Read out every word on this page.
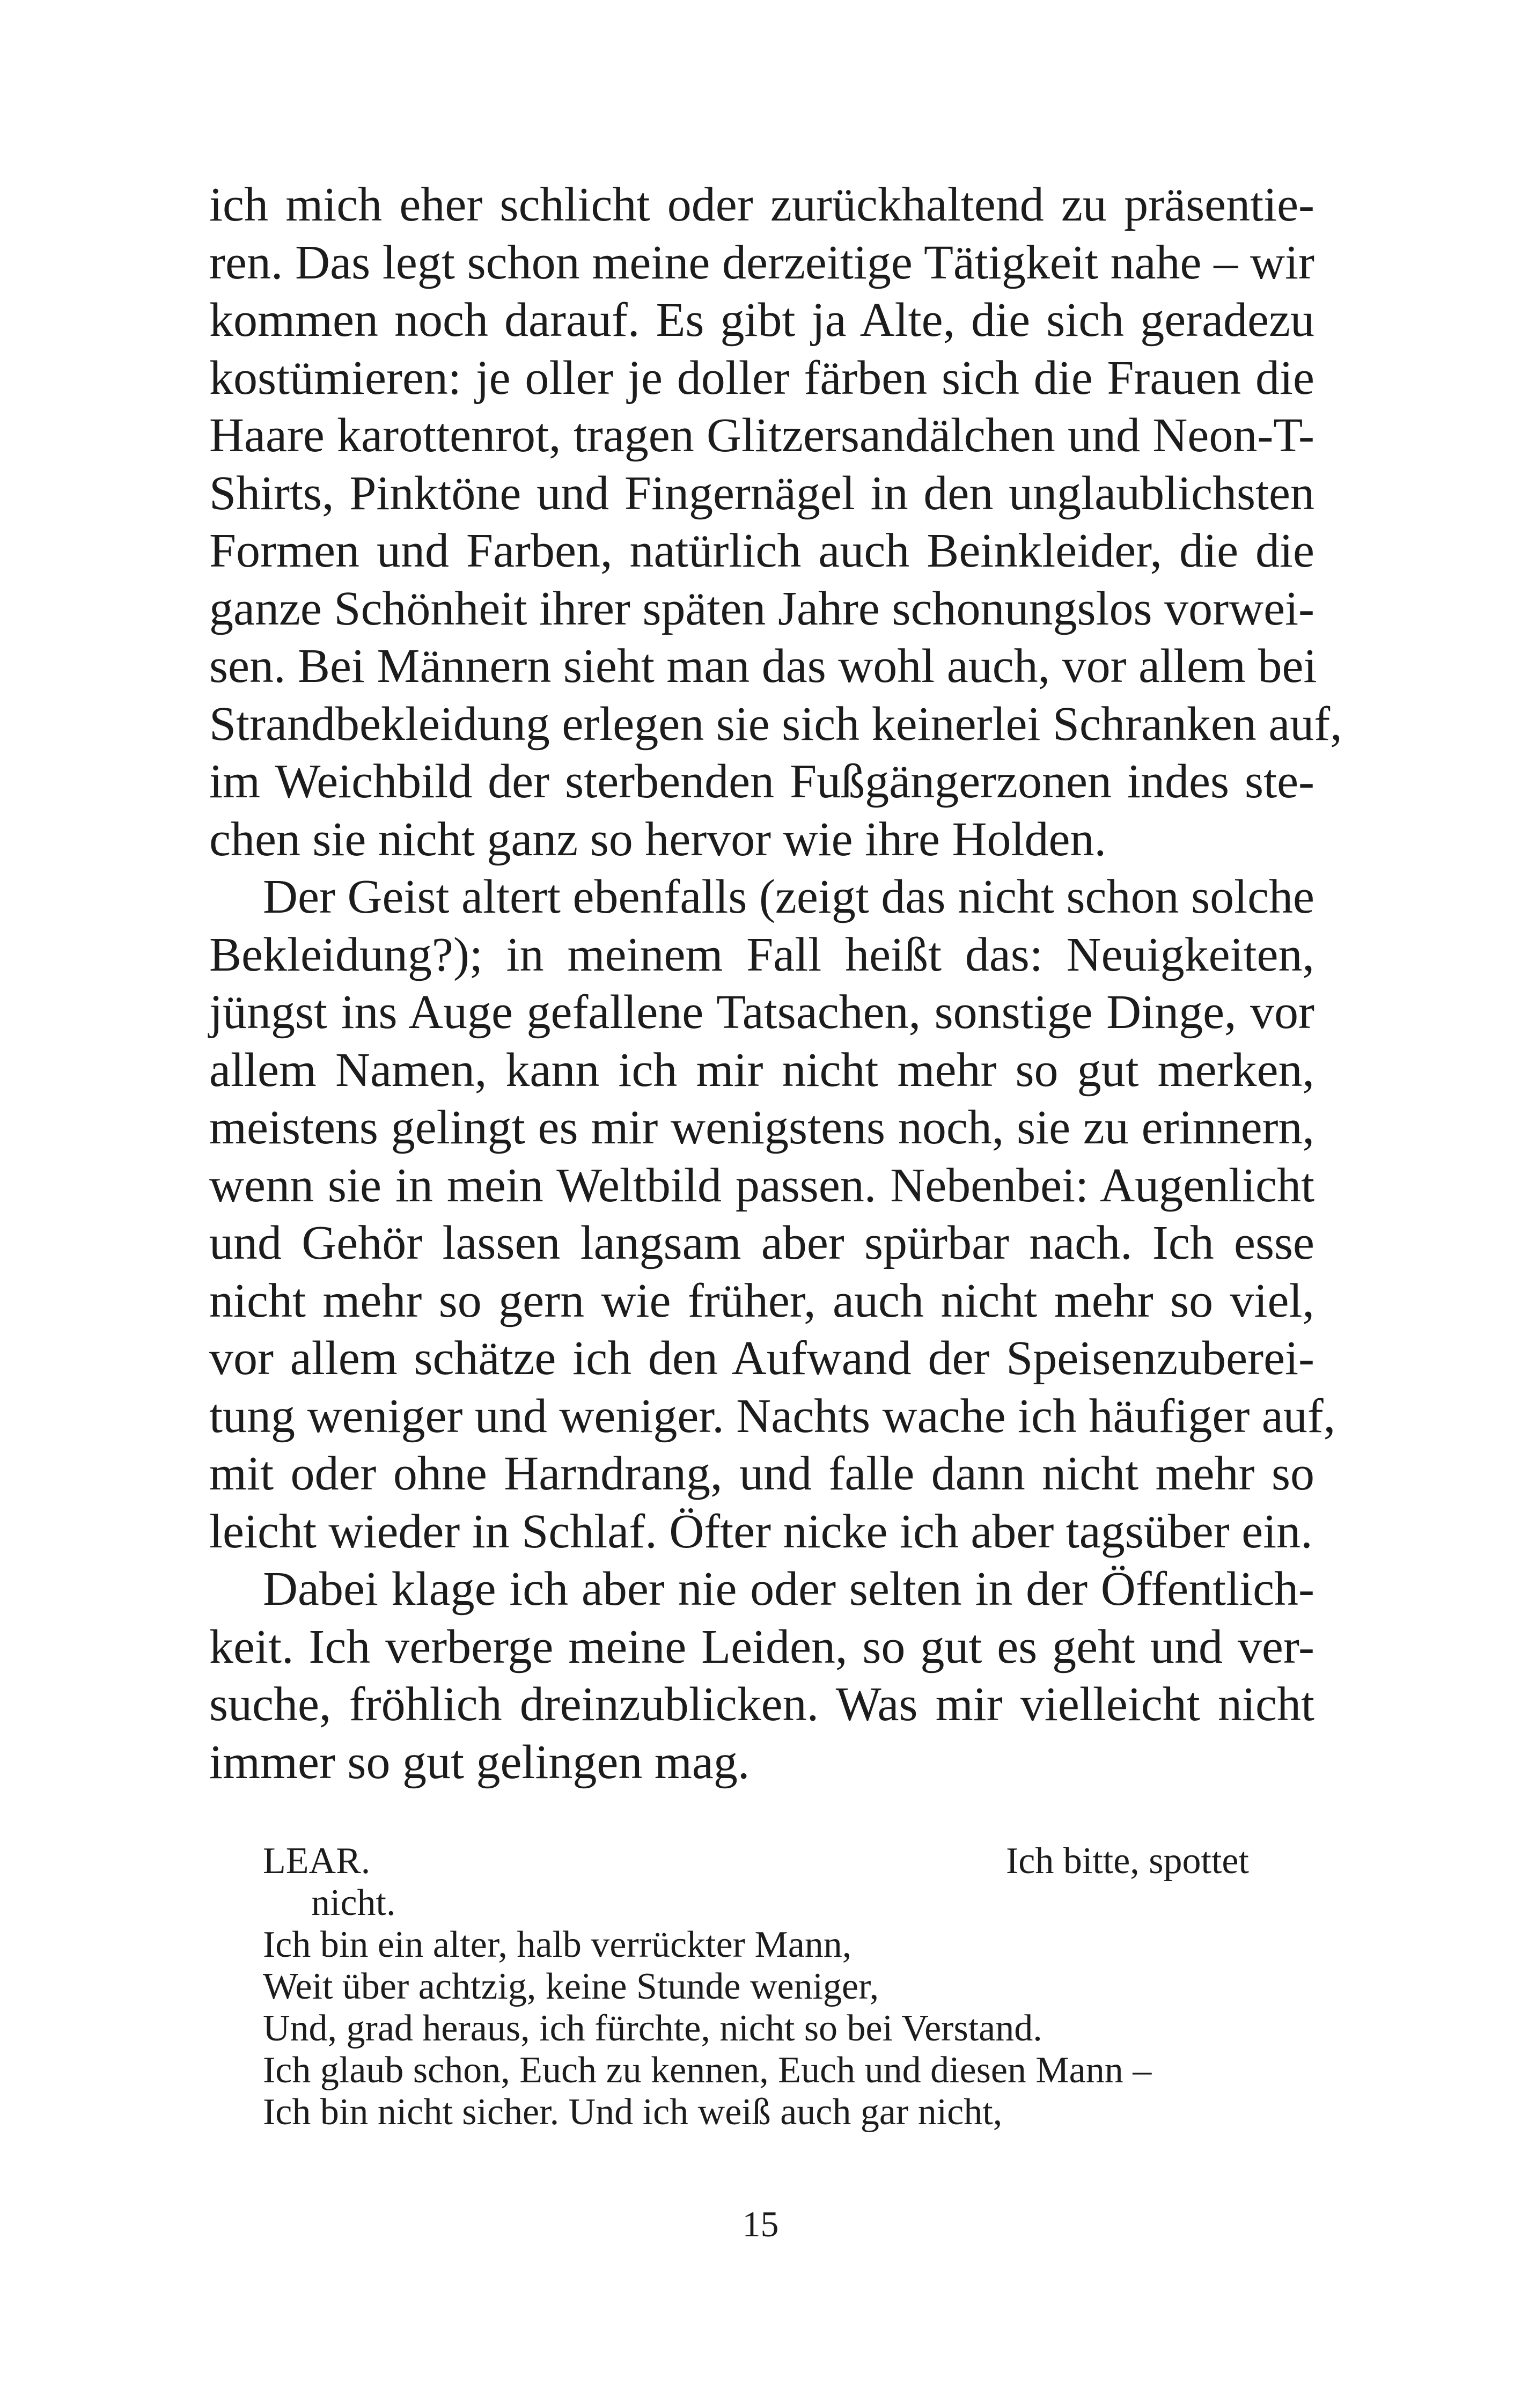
ich mich eher schlicht oder zurückhaltend zu präsentie-
ren. Das legt schon meine derzeitige Tätigkeit nahe – wir
kommen noch darauf. Es gibt ja Alte, die sich geradezu
kostümieren: je oller je doller färben sich die Frauen die
Haare karottenrot, tragen Glitzersandälchen und Neon-T-
Shirts, Pinktöne und Fingernägel in den unglaublichsten
Formen und Farben, natürlich auch Beinkleider, die die
ganze Schönheit ihrer späten Jahre schonungslos vorwei-
sen. Bei Männern sieht man das wohl auch, vor allem bei
Strandbekleidung erlegen sie sich keinerlei Schranken auf,
im Weichbild der sterbenden Fußgängerzonen indes ste-
chen sie nicht ganz so hervor wie ihre Holden.
Der Geist altert ebenfalls (zeigt das nicht schon solche
Bekleidung?); in meinem Fall heißt das: Neuigkeiten,
jüngst ins Auge gefallene Tatsachen, sonstige Dinge, vor
allem Namen, kann ich mir nicht mehr so gut merken,
meistens gelingt es mir wenigstens noch, sie zu erinnern,
wenn sie in mein Weltbild passen. Nebenbei: Augenlicht
und Gehör lassen langsam aber spürbar nach. Ich esse
nicht mehr so gern wie früher, auch nicht mehr so viel,
vor allem schätze ich den Aufwand der Speisenzuberei-
tung weniger und weniger. Nachts wache ich häufiger auf,
mit oder ohne Harndrang, und falle dann nicht mehr so
leicht wieder in Schlaf. Öfter nicke ich aber tagsüber ein.
Dabei klage ich aber nie oder selten in der Öffentlich-
keit. Ich verberge meine Leiden, so gut es geht und ver-
suche, fröhlich dreinzublicken. Was mir vielleicht nicht
immer so gut gelingen mag.
LEAR.	Ich bitte, spottet
nicht.
Ich bin ein alter, halb verrückter Mann,
Weit über achtzig, keine Stunde weniger,
Und, grad heraus, ich fürchte, nicht so bei Verstand.
Ich glaub schon, Euch zu kennen, Euch und diesen Mann –
Ich bin nicht sicher. Und ich weiß auch gar nicht,
15
